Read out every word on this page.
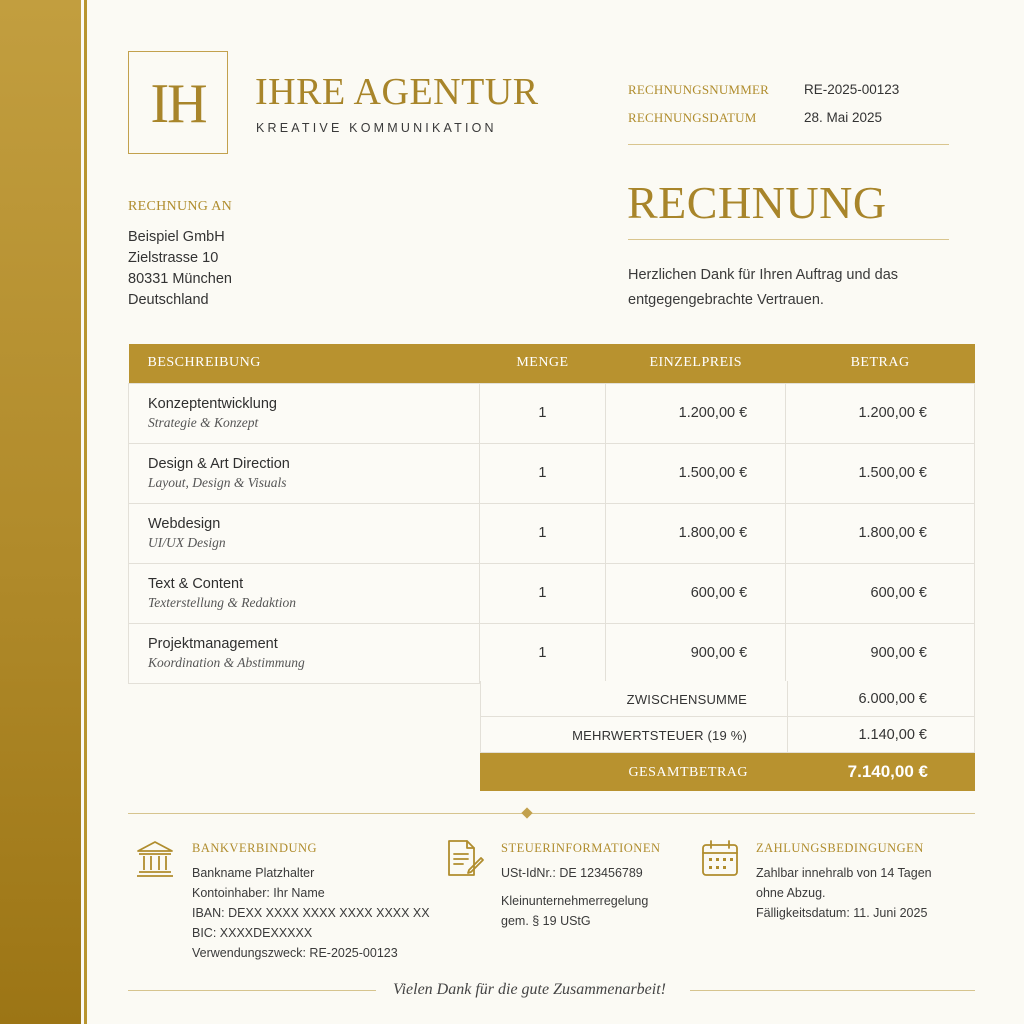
IH IHRE AGENTUR
KREATIVE KOMMUNIKATION
RECHNUNGSNUMMER	RE-2025-00123
RECHNUNGSDATUM	28. Mai 2025
RECHNUNG
Herzlichen Dank für Ihren Auftrag und das entgegengebrachte Vertrauen.
RECHNUNG AN
Beispiel GmbH
Zielstrasse 10
80331 München
Deutschland
BESCHREIBUNG	MENGE	EINZELPREIS	BETRAG

Konzeptentwicklung
Strategie & Konzept	1	1.200,00 €	1.200,00 €

Design & Art Direction
Layout, Design & Visuals	1	1.500,00 €	1.500,00 €

Webdesign
UI/UX Design	1	1.800,00 €	1.800,00 €

Text & Content
Texterstellung & Redaktion	1	600,00 €	600,00 €

Projektmanagement
Koordination & Abstimmung	1	900,00 €	900,00 €
ZWISCHENSUMME	6.000,00 €
MEHRWERTSTEUER (19 %)	1.140,00 €
GESAMTBETRAG	7.140,00 €
BANKVERBINDUNG
Bankname Platzhalter
Kontoinhaber: Ihr Name
IBAN: DEXX XXXX XXXX XXXX XXXX XX
BIC: XXXXDEXXXXX
Verwendungszweck: RE-2025-00123
STEUERINFORMATIONEN
USt-IdNr.: DE 123456789
Kleinunternehmerregelung
gem. § 19 UStG
ZAHLUNGSBEDINGUNGEN
Zahlbar innehralb von 14 Tagen
ohne Abzug.
Fälligkeitsdatum: 11. Juni 2025
Vielen Dank für die gute Zusammenarbeit!
